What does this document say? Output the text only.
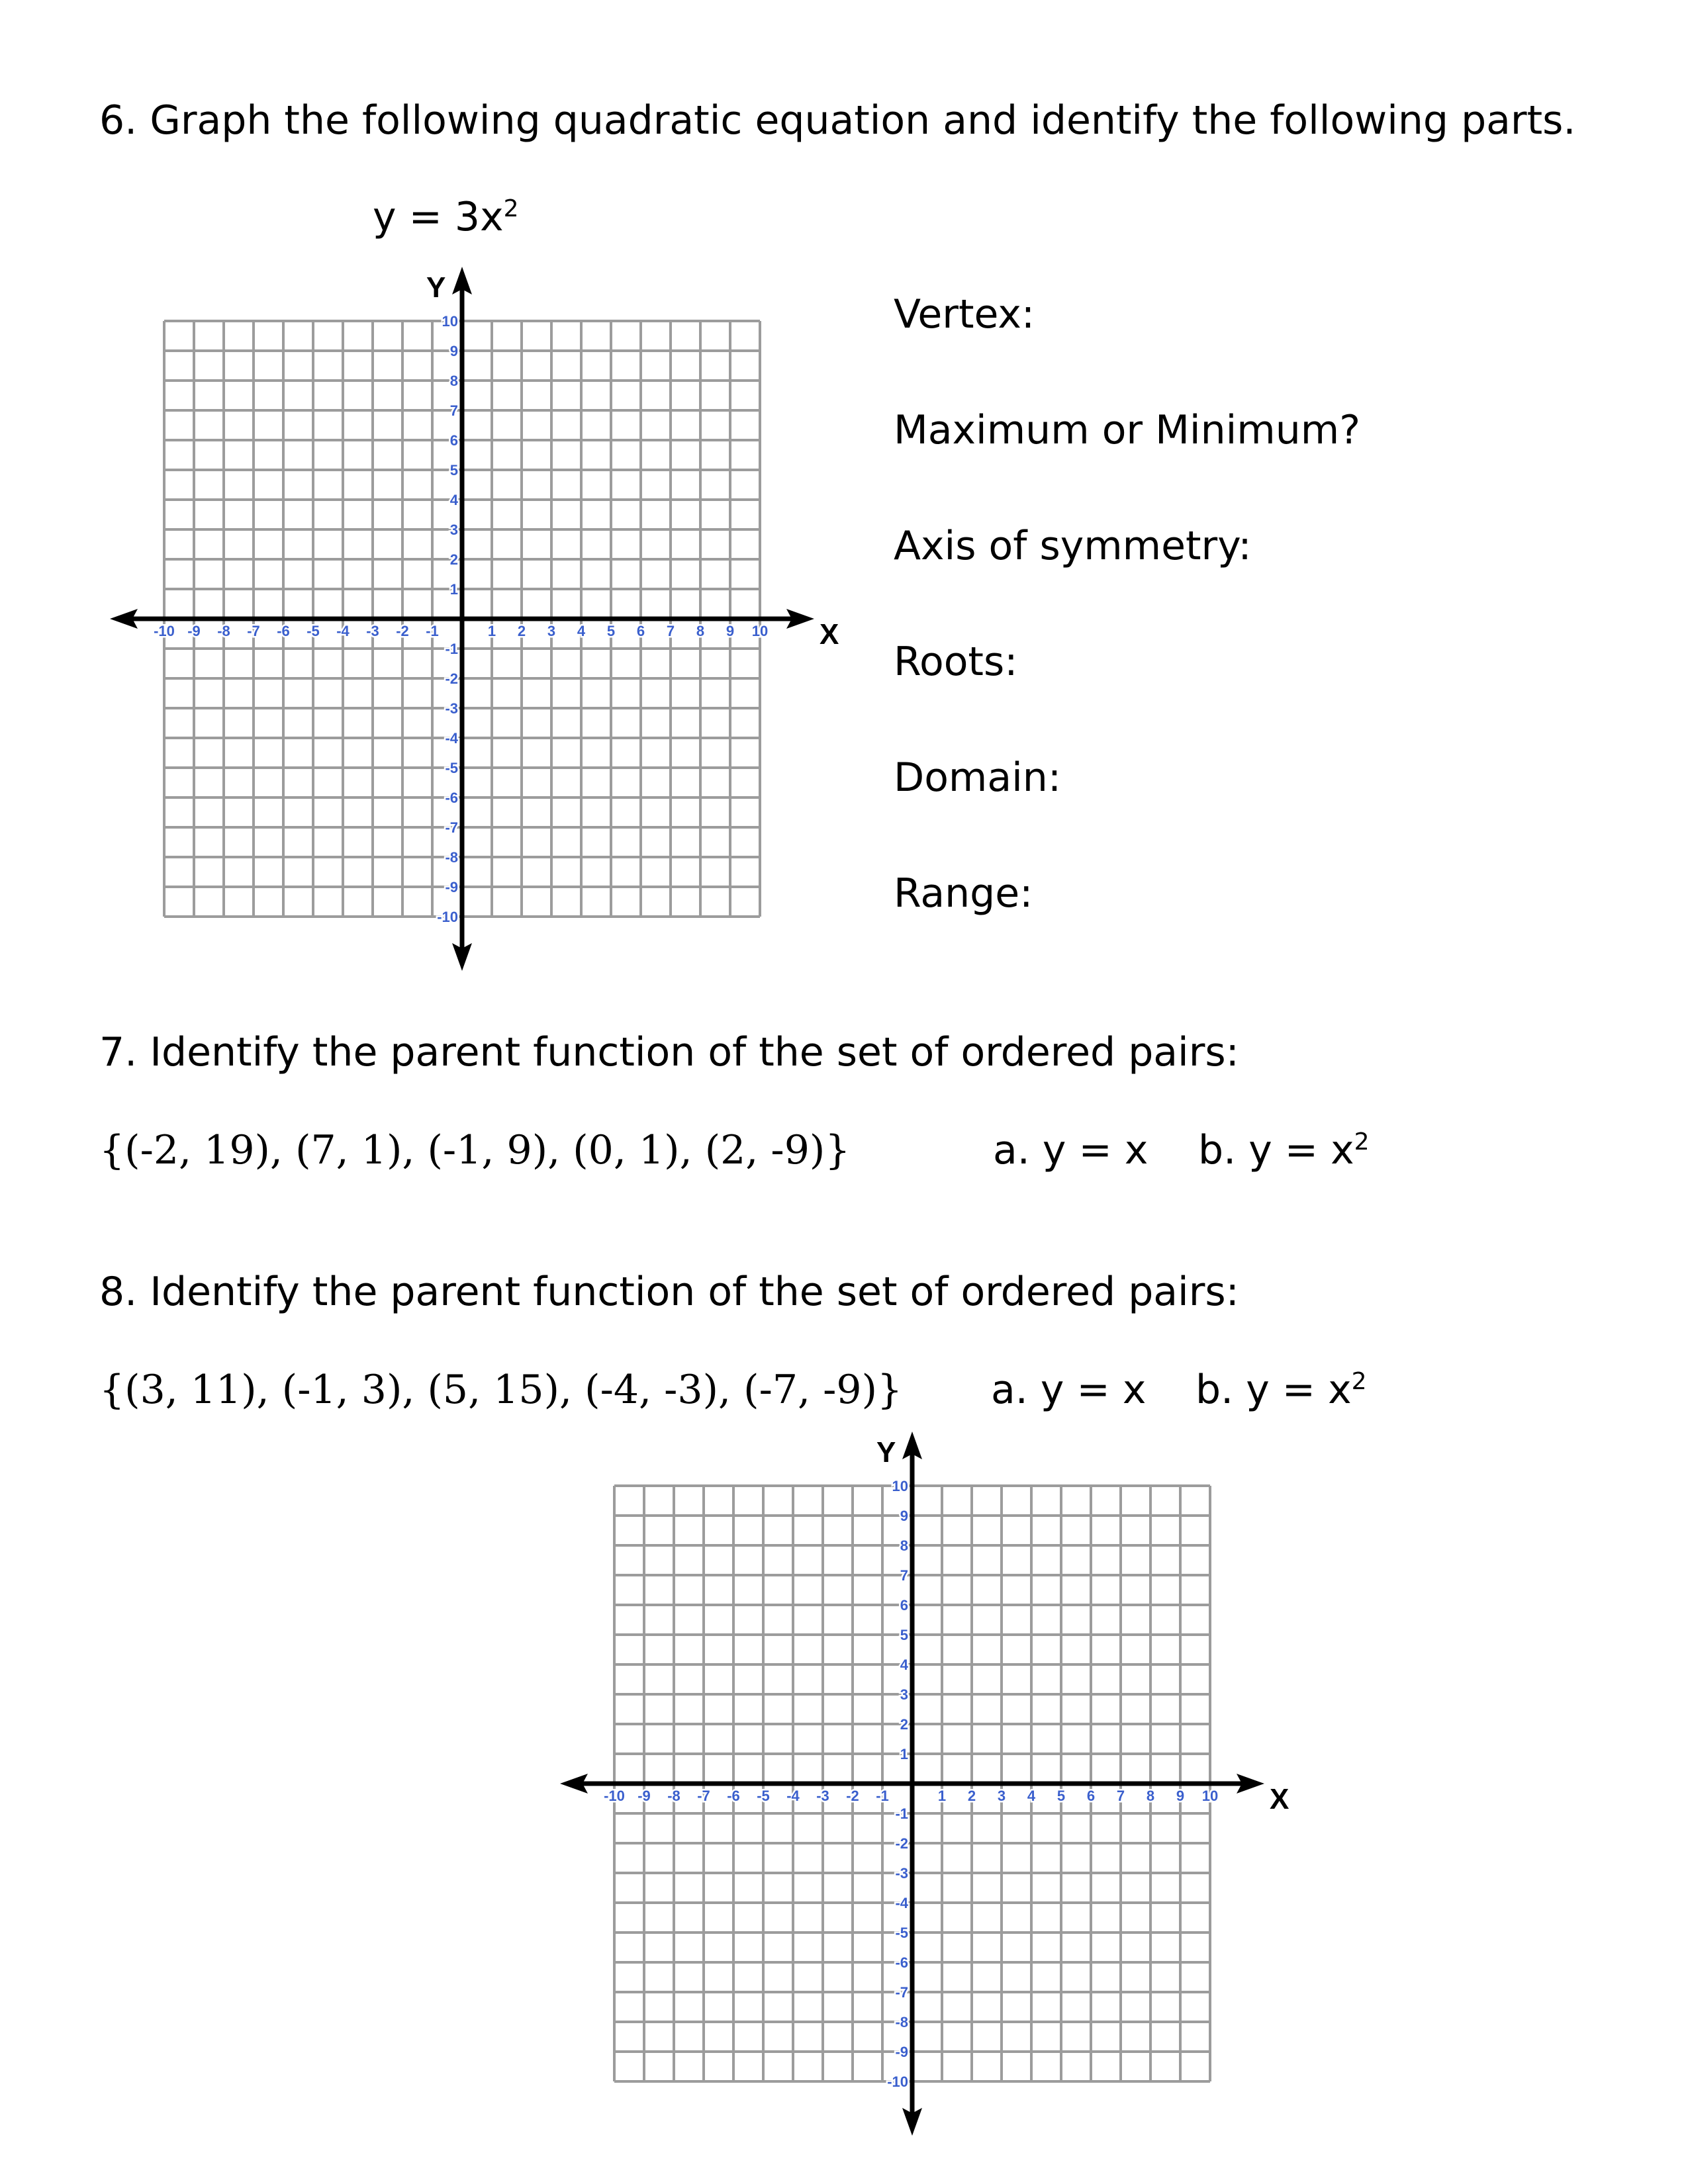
6. Graph the following quadratic equation and identify the following parts.
$y = 3x^2$
X
Y
-10 -9 -8 -7 -6 -5 -4 -3 -2 -1	1 2 3 4 5 6 7 8 9 10
10
9
8
7
6
5
4
3
2
1
-1
-2
-3
-4
-5
-6
-7
-8
-9
-10
Vertex:
Maximum or Minimum?
Axis of symmetry:
Roots:
Domain:
Range:
7. Identify the parent function of the set of ordered pairs:
{(-2, 19), (7, 1), (-1, 9), (0, 1), (2, -9)}	a. y = x b. $y = x^2$
8. Identify the parent function of the set of ordered pairs:
{(3, 11), (-1, 3), (5, 15), (-4, -3), (-7, -9)} a. y = x b. $y = x^2$
X
Y
-10 -9 -8 -7 -6 -5 -4 -3 -2 -1	1 2 3 4 5 6 7 8 9 10
10
9
8
7
6
5
4
3
2
1
-1
-2
-3
-4
-5
-6
-7
-8
-9
-10
